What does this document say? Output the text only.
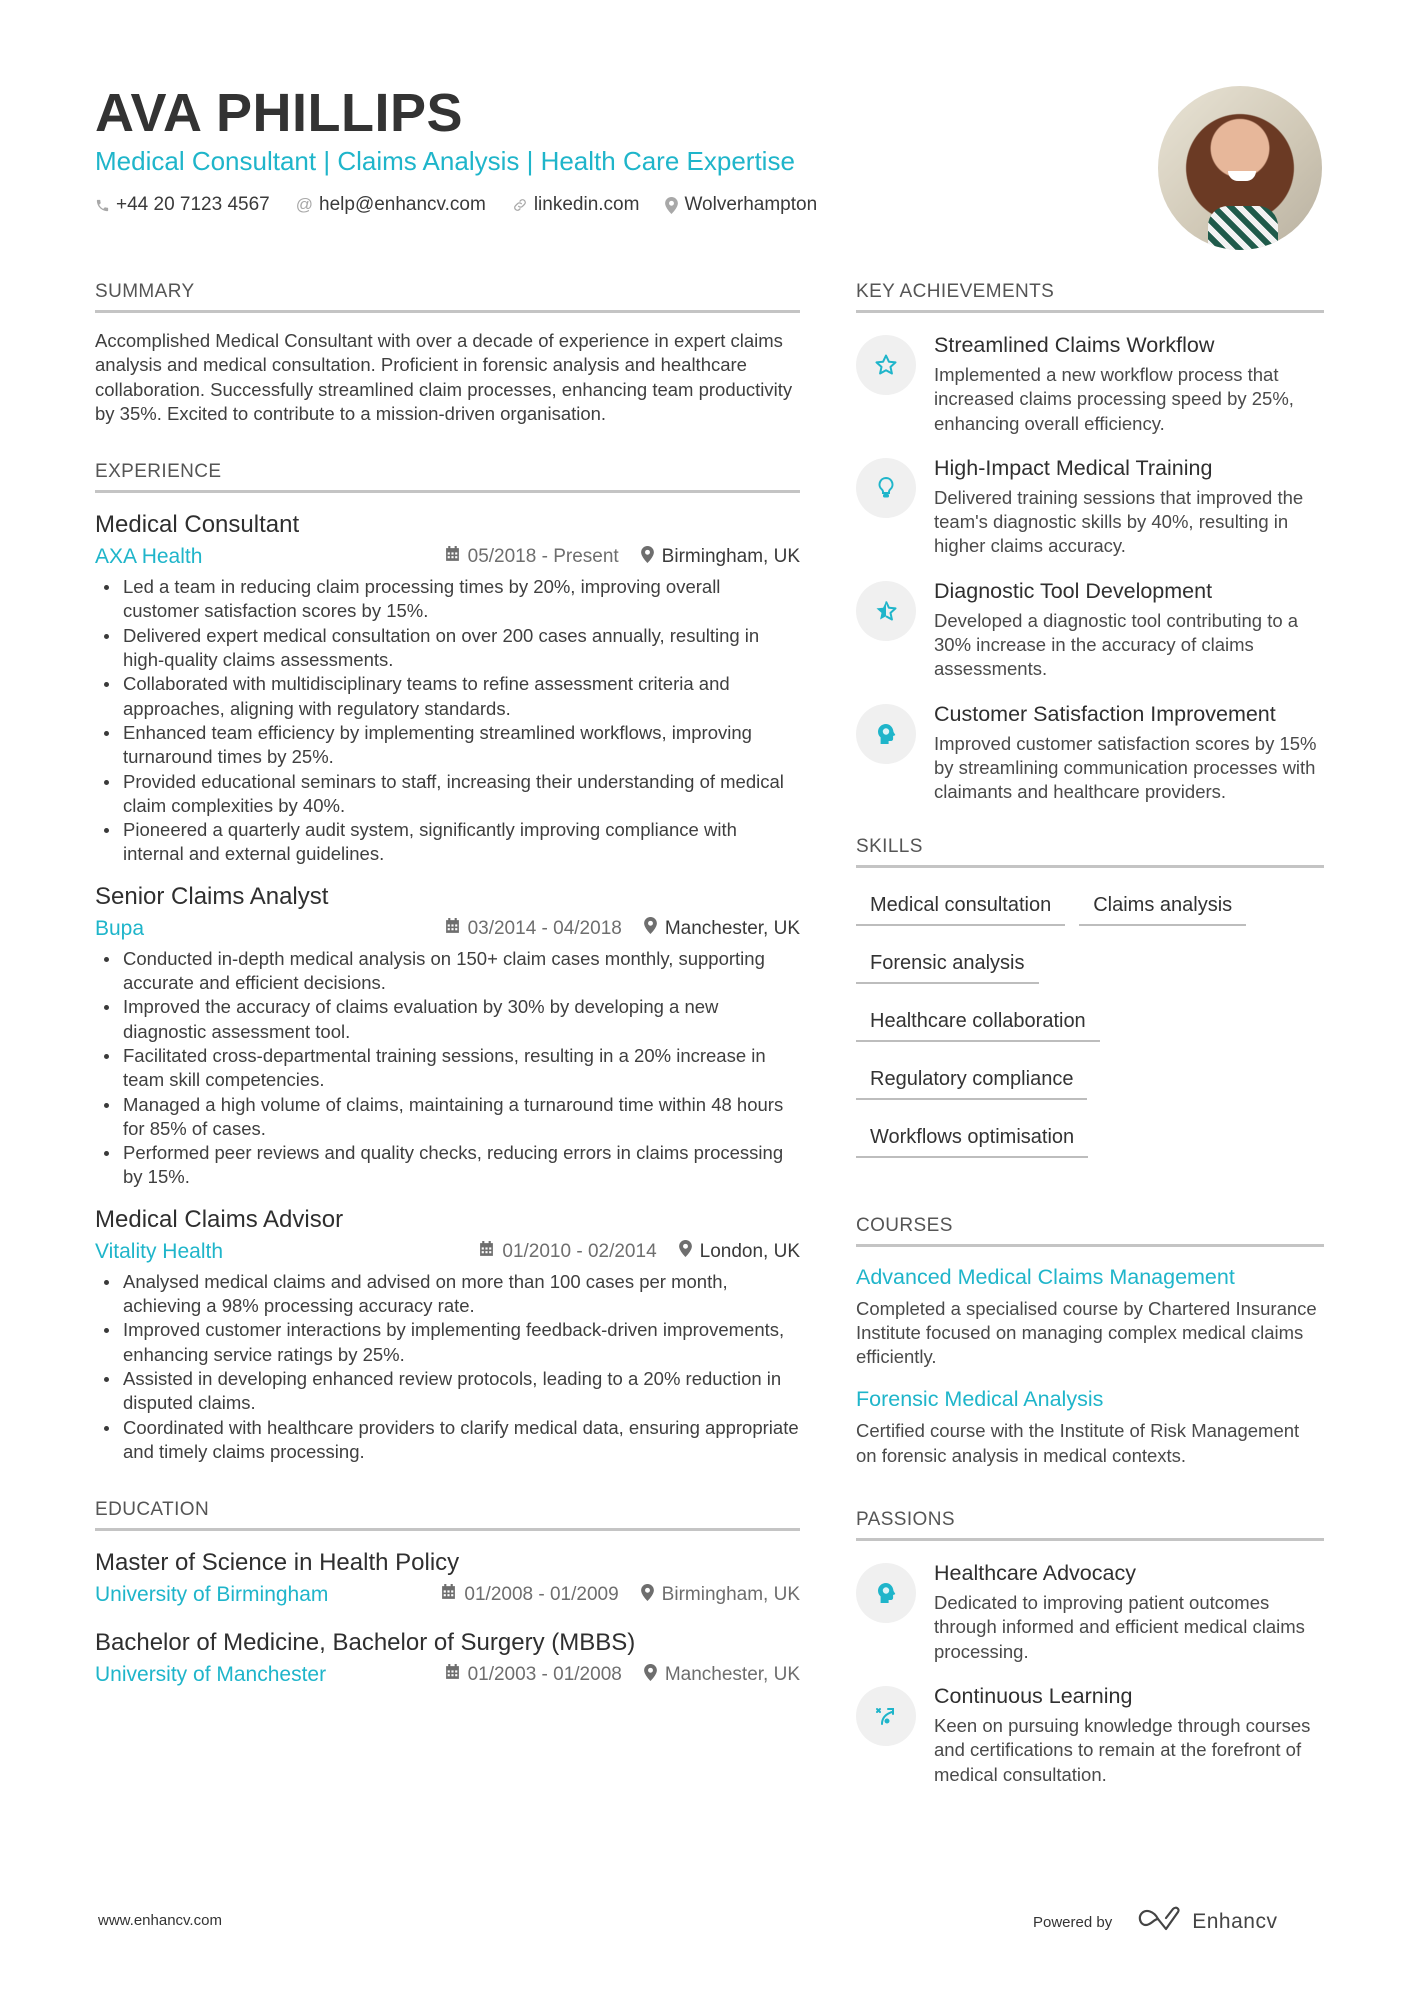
AVA PHILLIPS
Medical Consultant | Claims Analysis | Health Care Expertise
+44 20 7123 4567 @ help@enhancv.com	linkedin.com Wolverhampton
SUMMARY

Accomplished Medical Consultant with over a decade of experience in expert claims analysis and medical consultation. Proficient in forensic analysis and healthcare collaboration. Successfully streamlined claim processes, enhancing team productivity by 35%. Excited to contribute to a mission-driven organisation.

EXPERIENCE
Medical Consultant
AXA Health	05/2018 - Present Birmingham, UK
Led a team in reducing claim processing times by 20%, improving overall customer satisfaction scores by 15%.
Delivered expert medical consultation on over 200 cases annually, resulting in high-quality claims assessments.
Collaborated with multidisciplinary teams to refine assessment criteria and approaches, aligning with regulatory standards.
Enhanced team efficiency by implementing streamlined workflows, improving turnaround times by 25%.
Provided educational seminars to staff, increasing their understanding of medical claim complexities by 40%.
Pioneered a quarterly audit system, significantly improving compliance with internal and external guidelines.
Senior Claims Analyst
Bupa	03/2014 - 04/2018 Manchester, UK
Conducted in-depth medical analysis on 150+ claim cases monthly, supporting accurate and efficient decisions.
Improved the accuracy of claims evaluation by 30% by developing a new diagnostic assessment tool.
Facilitated cross-departmental training sessions, resulting in a 20% increase in team skill competencies.
Managed a high volume of claims, maintaining a turnaround time within 48 hours for 85% of cases.
Performed peer reviews and quality checks, reducing errors in claims processing by 15%.
Medical Claims Advisor
Vitality Health	01/2010 - 02/2014 London, UK
Analysed medical claims and advised on more than 100 cases per month, achieving a 98% processing accuracy rate.
Improved customer interactions by implementing feedback-driven improvements, enhancing service ratings by 25%.
Assisted in developing enhanced review protocols, leading to a 20% reduction in disputed claims.
Coordinated with healthcare providers to clarify medical data, ensuring appropriate and timely claims processing.
EDUCATION
Master of Science in Health Policy
University of Birmingham	01/2008 - 01/2009 Birmingham, UK
Bachelor of Medicine, Bachelor of Surgery (MBBS)
University of Manchester	01/2003 - 01/2008 Manchester, UK
KEY ACHIEVEMENTS
Streamlined Claims Workflow
Implemented a new workflow process that increased claims processing speed by 25%, enhancing overall efficiency.
High-Impact Medical Training
Delivered training sessions that improved the team's diagnostic skills by 40%, resulting in higher claims accuracy.
Diagnostic Tool Development
Developed a diagnostic tool contributing to a 30% increase in the accuracy of claims assessments.
Customer Satisfaction Improvement
Improved customer satisfaction scores by 15% by streamlining communication processes with claimants and healthcare providers.
SKILLS
Medical consultation	Claims analysis
Forensic analysis
Healthcare collaboration
Regulatory compliance
Workflows optimisation
COURSES
Advanced Medical Claims Management
Completed a specialised course by Chartered Insurance Institute focused on managing complex medical claims efficiently.
Forensic Medical Analysis
Certified course with the Institute of Risk Management on forensic analysis in medical contexts.
PASSIONS
Healthcare Advocacy
Dedicated to improving patient outcomes through informed and efficient medical claims processing.
Continuous Learning
Keen on pursuing knowledge through courses and certifications to remain at the forefront of medical consultation.
www.enhancv.com	Powered by	Enhancv
